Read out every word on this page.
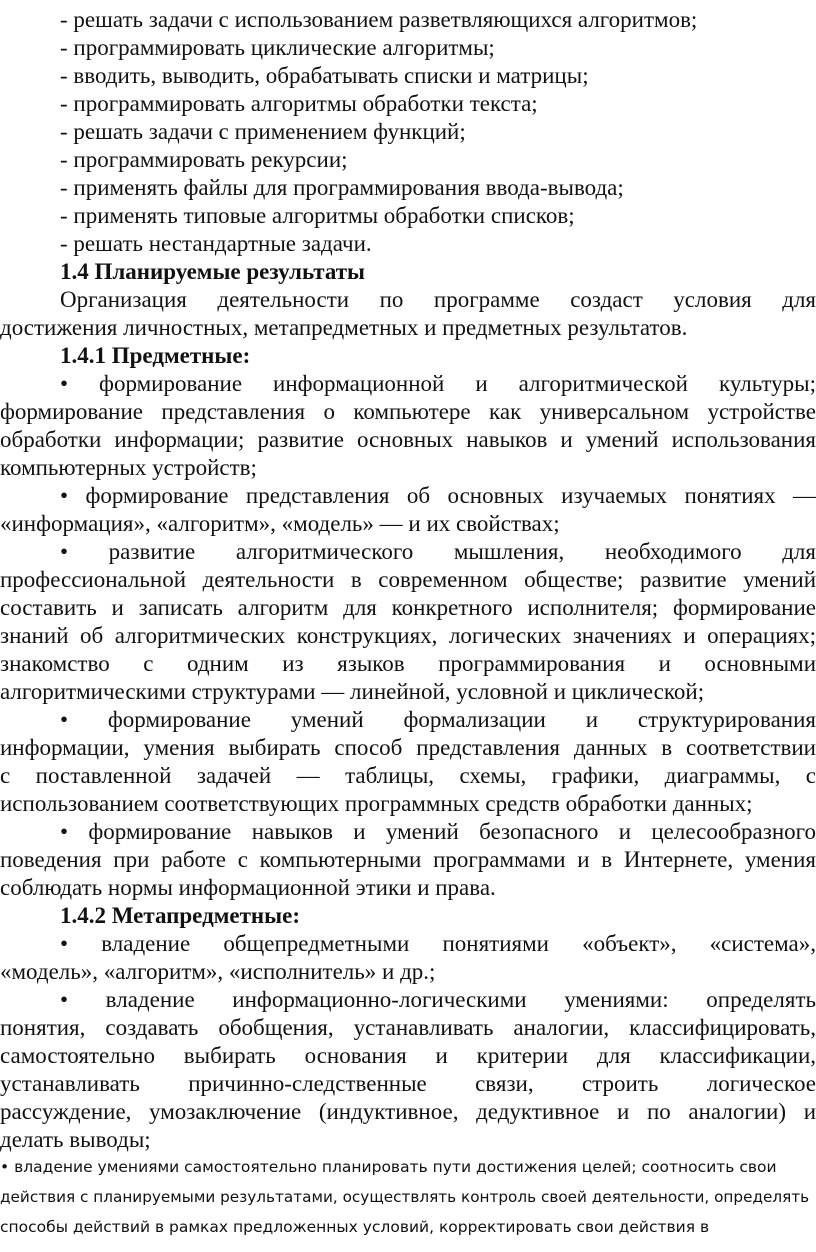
- решать задачи с использованием разветвляющихся алгоритмов;
- программировать циклические алгоритмы;
- вводить, выводить, обрабатывать списки и матрицы;
- программировать алгоритмы обработки текста;
- решать задачи с применением функций;
- программировать рекурсии;
- применять файлы для программирования ввода-вывода;
- применять типовые алгоритмы обработки списков;
- решать нестандартные задачи.
1.4 Планируемые результаты
Организация деятельности по программе создаст условия для
достижения личностных, метапредметных и предметных результатов.
1.4.1 Предметные:
• формирование информационной и алгоритмической культуры;
формирование представления о компьютере как универсальном устройстве
обработки информации; развитие основных навыков и умений использования
компьютерных устройств;
• формирование представления об основных изучаемых понятиях —
«информация», «алгоритм», «модель» — и их свойствах;
• развитие алгоритмического мышления, необходимого для
профессиональной деятельности в современном обществе; развитие умений
составить и записать алгоритм для конкретного исполнителя; формирование
знаний об алгоритмических конструкциях, логических значениях и операциях;
знакомство с одним из языков программирования и основными
алгоритмическими структурами — линейной, условной и циклической;
• формирование умений формализации и структурирования
информации, умения выбирать способ представления данных в соответствии
с поставленной задачей — таблицы, схемы, графики, диаграммы, с
использованием соответствующих программных средств обработки данных;
• формирование навыков и умений безопасного и целесообразного
поведения при работе с компьютерными программами и в Интернете, умения
соблюдать нормы информационной этики и права.
1.4.2 Метапредметные:
• владение общепредметными понятиями «объект», «система»,
«модель», «алгоритм», «исполнитель» и др.;
• владение информационно-логическими умениями: определять
понятия, создавать обобщения, устанавливать аналогии, классифицировать,
самостоятельно выбирать основания и критерии для классификации,
устанавливать причинно-следственные связи, строить логическое
рассуждение, умозаключение (индуктивное, дедуктивное и по аналогии) и
делать выводы;
• владение умениями самостоятельно планировать пути достижения целей; соотносить свои
действия с планируемыми результатами, осуществлять контроль своей деятельности, определять
способы действий в рамках предложенных условий, корректировать свои действия в
